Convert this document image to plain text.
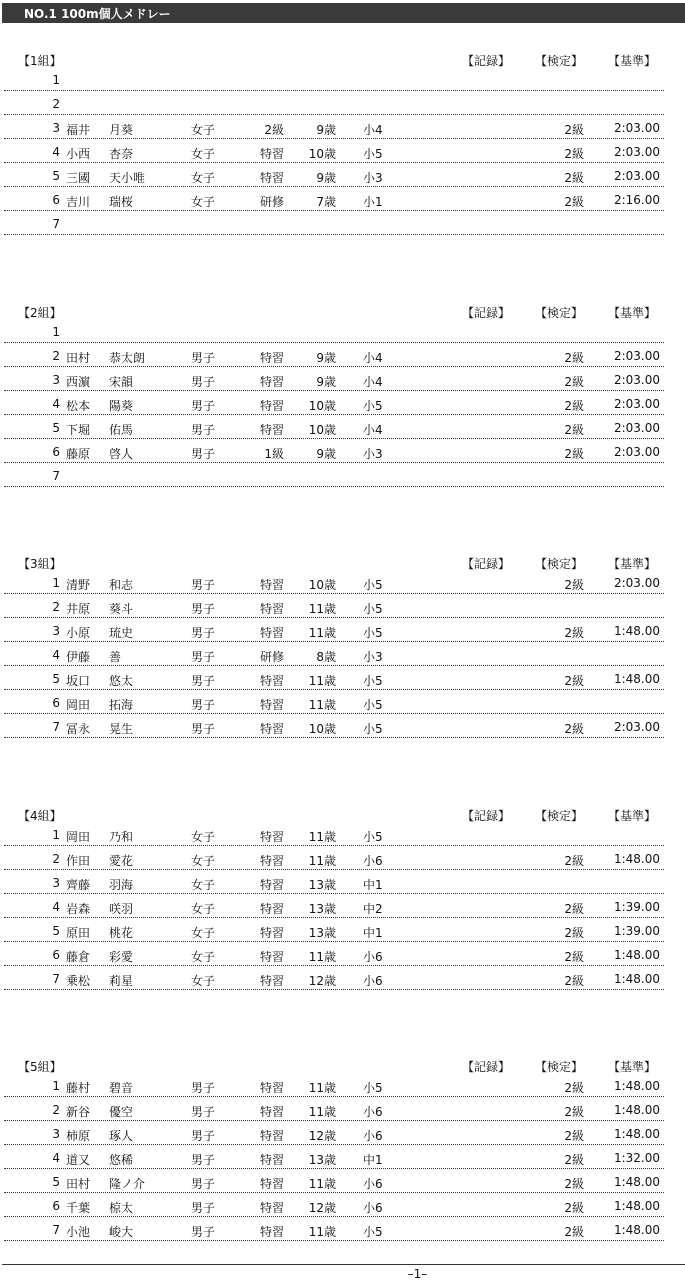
NO.1 100m個人メドレー
【1組】	【記録】 【検定】 【基準】
1
2
3 福井 月葵	女子	2級	9歳 小4	2級 2:03.00
4 小西 杏奈	女子	特習 10歳 小5	2級 2:03.00
5 三國 天小唯	女子	特習	9歳 小3	2級 2:03.00
6 吉川 瑞桜	女子	研修	7歳 小1	2級 2:16.00
7
【2組】	【記録】 【検定】 【基準】
1
2 田村 恭太朗	男子	特習	9歳 小4	2級 2:03.00
3 西濵 宋韻	男子	特習	9歳 小4	2級 2:03.00
4 松本 陽葵	男子	特習 10歳 小5	2級 2:03.00
5 下堀 佑馬	男子	特習 10歳 小4	2級 2:03.00
6 藤原 啓人	男子	1級	9歳 小3	2級 2:03.00
7
【3組】	【記録】 【検定】 【基準】
1 清野 和志	男子	特習 10歳 小5	2級 2:03.00
2 井原 葵斗	男子	特習 11歳 小5
3 小原 琉史	男子	特習 11歳 小5	2級 1:48.00
4 伊藤 善	男子	研修	8歳 小3
5 坂口 悠太	男子	特習 11歳 小5	2級 1:48.00
6 岡田 拓海	男子	特習 11歳 小5
7 冨永 晃生	男子	特習 10歳 小5	2級 2:03.00
【4組】	【記録】 【検定】 【基準】
1 岡田 乃和	女子	特習 11歳 小5
2 作田 愛花	女子	特習 11歳 小6	2級 1:48.00
3 齊藤 羽海	女子	特習 13歳 中1
4 岩森 咲羽	女子	特習 13歳 中2	2級 1:39.00
5 原田 桃花	女子	特習 13歳 中1	2級 1:39.00
6 藤倉 彩愛	女子	特習 11歳 小6	2級 1:48.00
7 乗松 莉星	女子	特習 12歳 小6	2級 1:48.00
【5組】	【記録】 【検定】 【基準】
1 藤村 碧音	男子	特習 11歳 小5	2級 1:48.00
2 新谷 優空	男子	特習 11歳 小6	2級 1:48.00
3 柿原 琢人	男子	特習 12歳 小6	2級 1:48.00
4 道又 悠稀	男子	特習 13歳 中1	2級 1:32.00
5 田村 隆ノ介	男子	特習 11歳 小6	2級 1:48.00
6 千葉 椋太	男子	特習 12歳 小6	2級 1:48.00
7 小池 峻大	男子	特習 11歳 小5	2級 1:48.00
–1–
